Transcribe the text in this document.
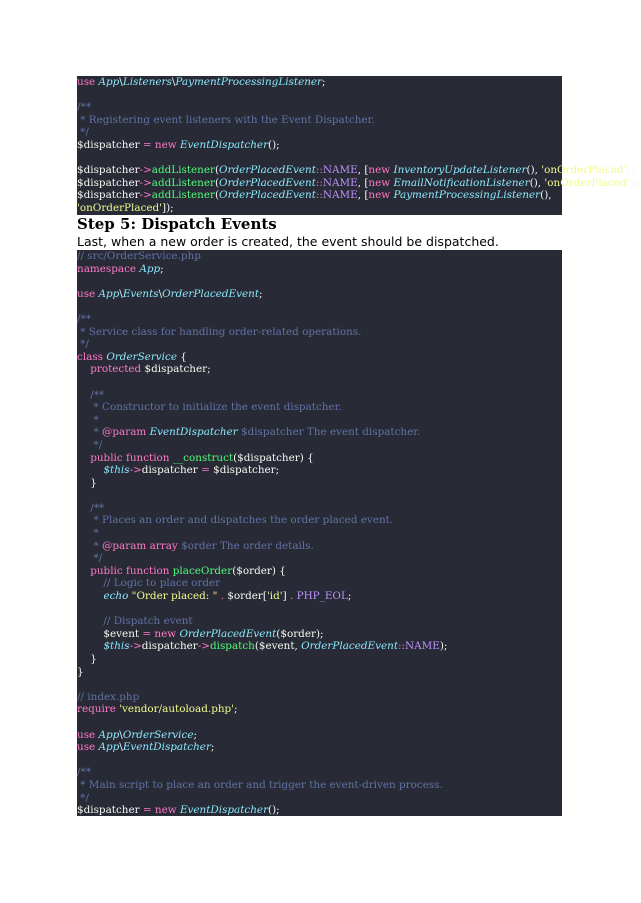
use App\Listeners\PaymentProcessingListener;
/**
* Registering event listeners with the Event Dispatcher.
*/
$dispatcher = new EventDispatcher();
$dispatcher->addListener(OrderPlacedEvent::NAME, [new InventoryUpdateListener(), 'onOrderPlaced']);
$dispatcher->addListener(OrderPlacedEvent::NAME, [new EmailNotificationListener(), 'onOrderPlaced']);
$dispatcher->addListener(OrderPlacedEvent::NAME, [new PaymentProcessingListener(),
'onOrderPlaced']);
Step 5: Dispatch Events
Last, when a new order is created, the event should be dispatched.
// src/OrderService.php
namespace App;
use App\Events\OrderPlacedEvent;
/**
* Service class for handling order-related operations.
*/
class OrderService {
protected $dispatcher;
/**
* Constructor to initialize the event dispatcher.
*
* @param EventDispatcher $dispatcher The event dispatcher.
*/
public function __construct($dispatcher) {
$this->dispatcher = $dispatcher;
}
/**
* Places an order and dispatches the order placed event.
*
* @param array $order The order details.
*/
public function placeOrder($order) {
// Logic to place order
echo "Order placed: " . $order['id'] . PHP_EOL;
// Dispatch event
$event = new OrderPlacedEvent($order);
$this->dispatcher->dispatch($event, OrderPlacedEvent::NAME);
}
}
// index.php
require 'vendor/autoload.php';
use App\OrderService;
use App\EventDispatcher;
/**
* Main script to place an order and trigger the event-driven process.
*/
$dispatcher = new EventDispatcher();
